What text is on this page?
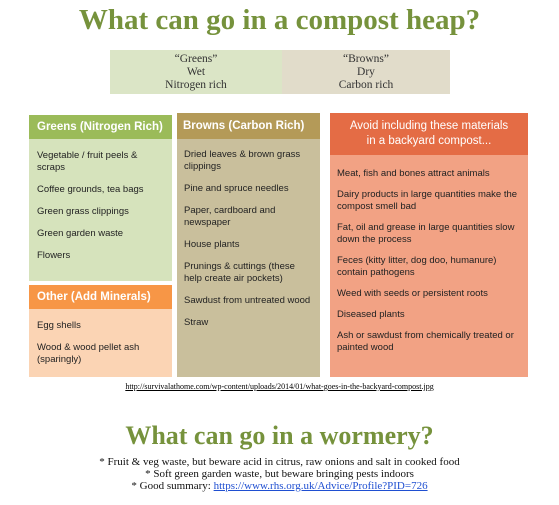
What can go in a compost heap?
“Greens”
Wet
Nitrogen rich
“Browns”
Dry
Carbon rich
Greens (Nitrogen Rich)
Vegetable / fruit peels & scraps
Coffee grounds, tea bags
Green grass clippings
Green garden waste
Flowers
Other (Add Minerals)
Egg shells
Wood & wood pellet ash (sparingly)
Browns (Carbon Rich)
Dried leaves & brown grass clippings
Pine and spruce needles
Paper, cardboard and newspaper
House plants
Prunings & cuttings (these help create air pockets)
Sawdust from untreated wood
Straw
Avoid including these materials
in a backyard compost...
Meat, fish and bones attract animals
Dairy products in large quantities make the compost smell bad
Fat, oil and grease in large quantities slow down the process
Feces (kitty litter, dog doo, humanure) contain pathogens
Weed with seeds or persistent roots
Diseased plants
Ash or sawdust from chemically treated or painted wood
http://survivalathome.com/wp-content/uploads/2014/01/what-goes-in-the-backyard-compost.jpg
What can go in a wormery?
* Fruit & veg waste, but beware acid in citrus, raw onions and salt in cooked food
* Soft green garden waste, but beware bringing pests indoors
* Good summary: https://www.rhs.org.uk/Advice/Profile?PID=726
